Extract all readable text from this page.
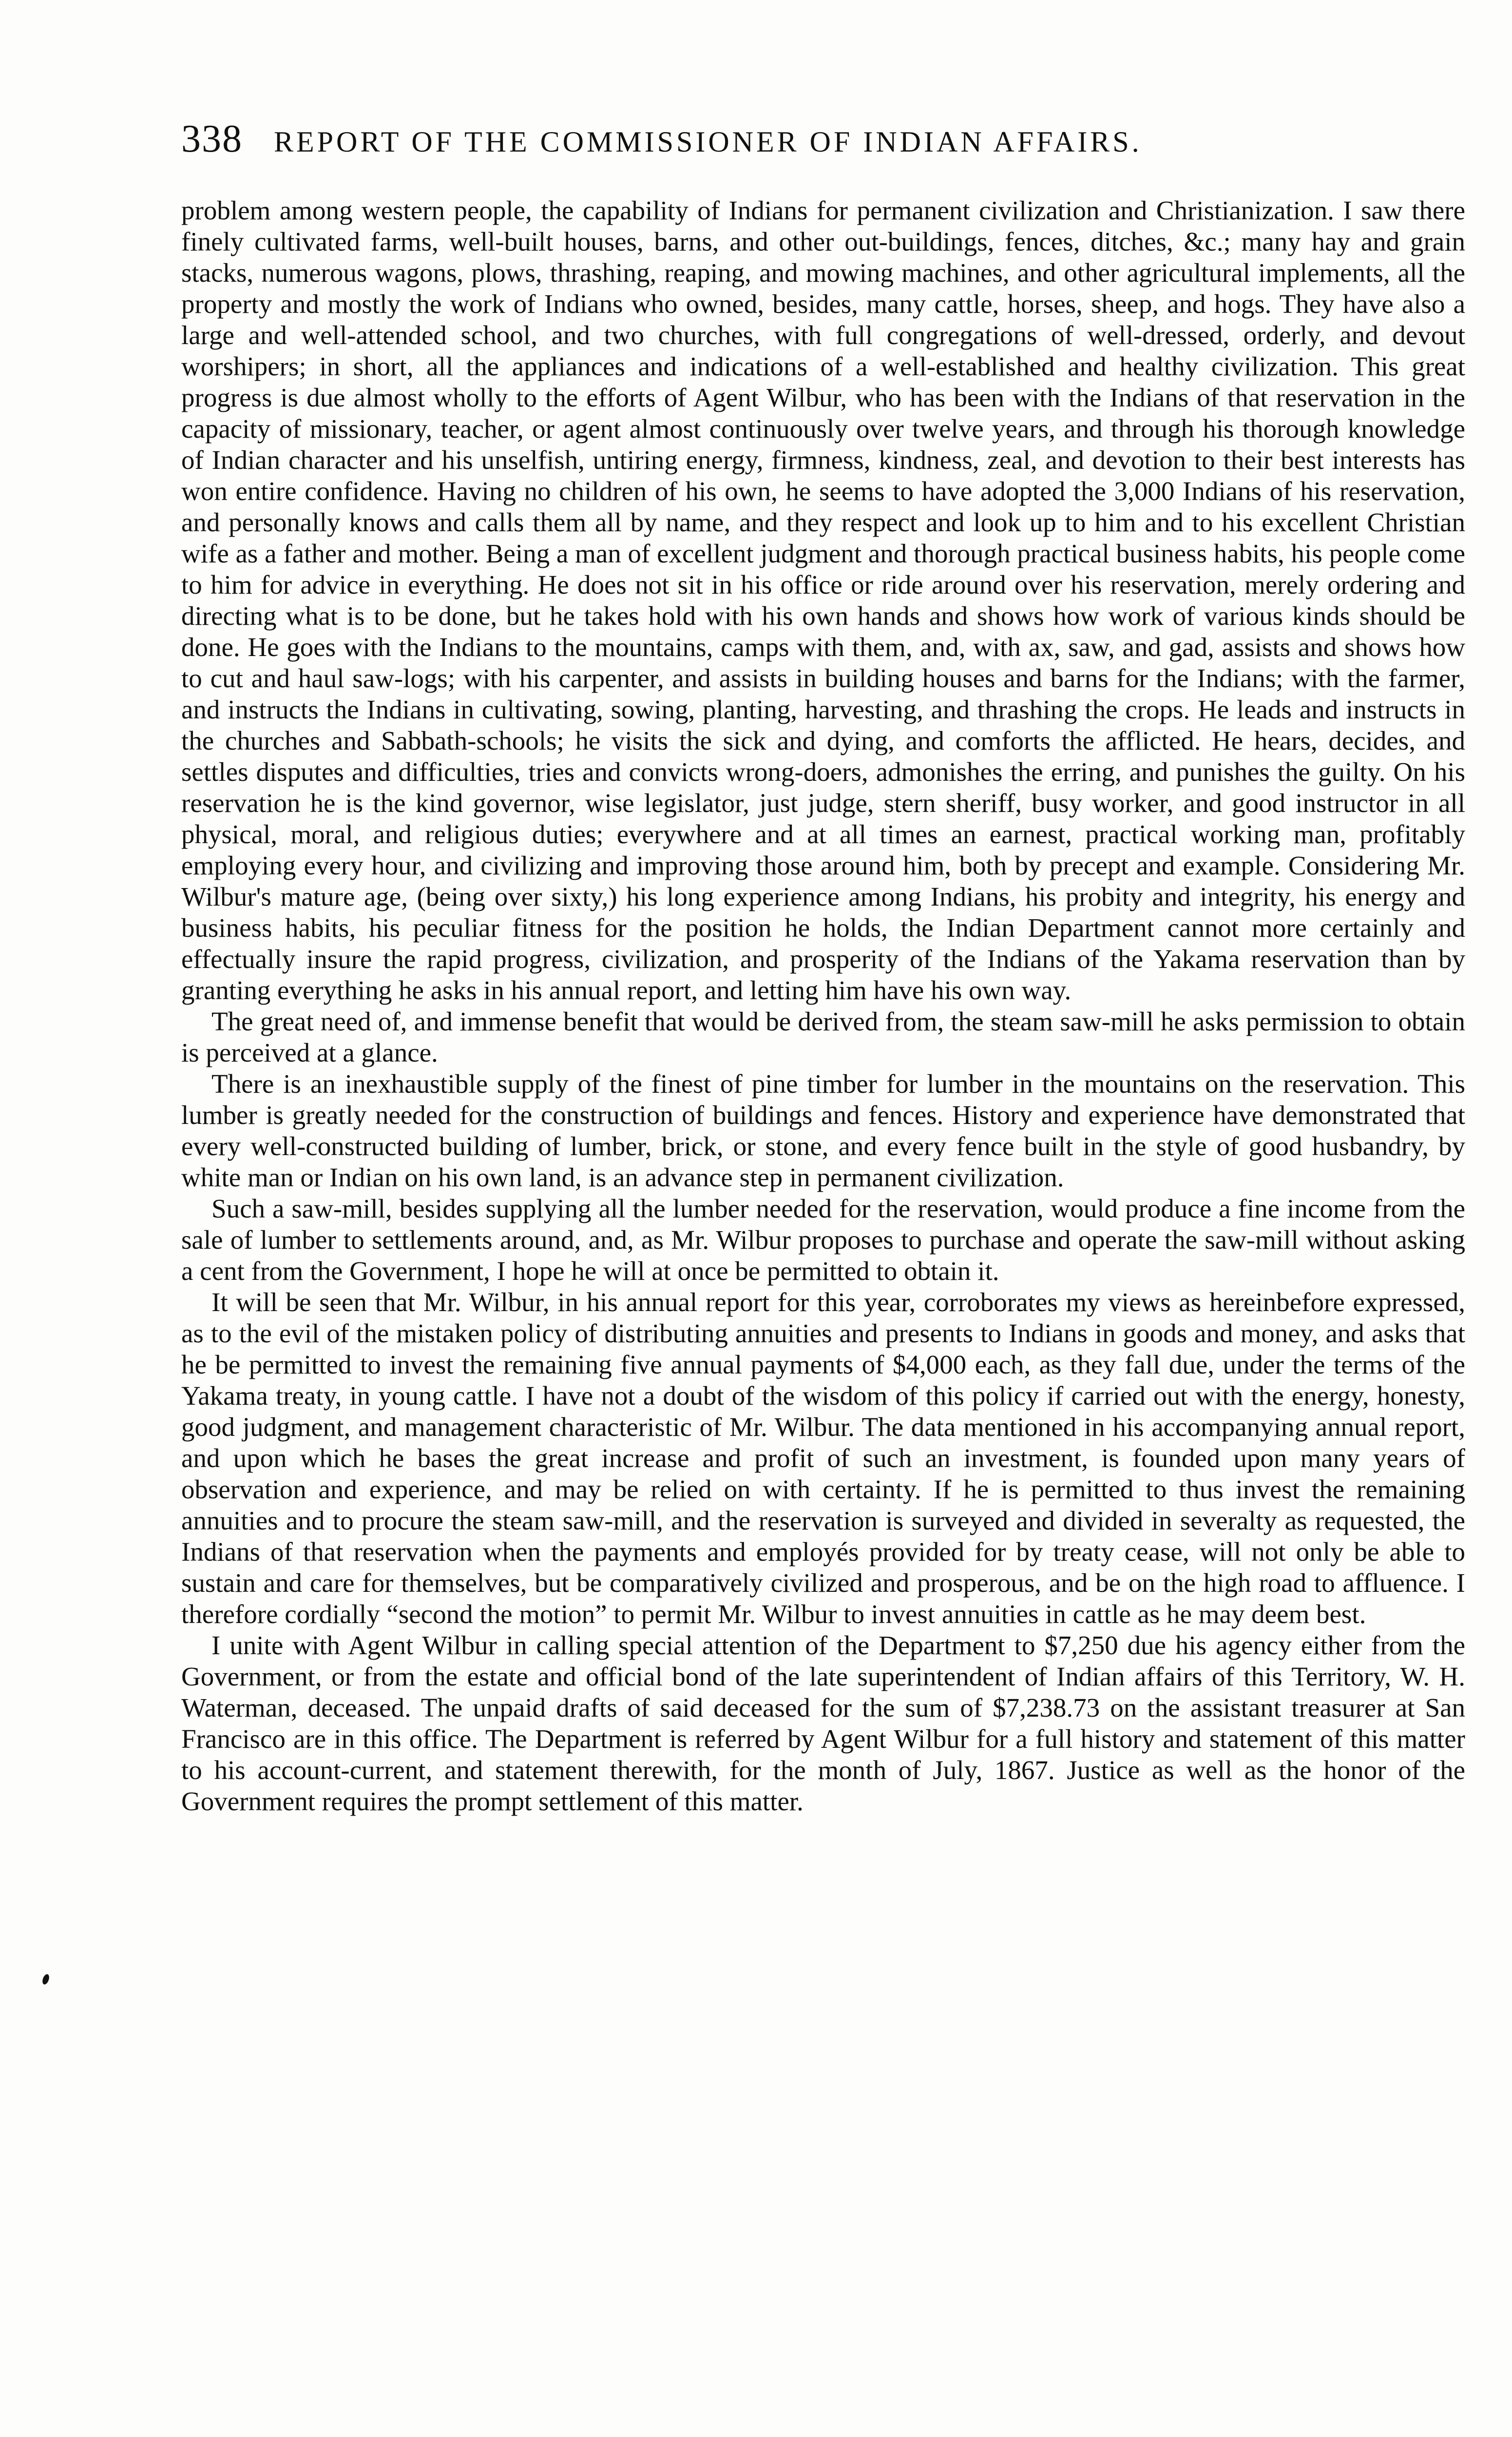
338 REPORT OF THE COMMISSIONER OF INDIAN AFFAIRS.

problem among western people, the capability of Indians for permanent civilization and Christianization. I saw there finely cultivated farms, well-built houses, barns, and other out-buildings, fences, ditches, &c.; many hay and grain stacks, numerous wagons, plows, thrashing, reaping, and mowing machines, and other agricultural implements, all the property and mostly the work of Indians who owned, besides, many cattle, horses, sheep, and hogs. They have also a large and well-attended school, and two churches, with full congregations of well-dressed, orderly, and devout worshipers; in short, all the appliances and indications of a well-established and healthy civilization. This great progress is due almost wholly to the efforts of Agent Wilbur, who has been with the Indians of that reservation in the capacity of missionary, teacher, or agent almost continuously over twelve years, and through his thorough knowledge of Indian character and his unselfish, untiring energy, firmness, kindness, zeal, and devotion to their best interests has won entire confidence. Having no children of his own, he seems to have adopted the 3,000 Indians of his reservation, and personally knows and calls them all by name, and they respect and look up to him and to his excellent Christian wife as a father and mother. Being a man of excellent judgment and thorough practical business habits, his people come to him for advice in everything. He does not sit in his office or ride around over his reservation, merely ordering and directing what is to be done, but he takes hold with his own hands and shows how work of various kinds should be done. He goes with the Indians to the mountains, camps with them, and, with ax, saw, and gad, assists and shows how to cut and haul saw-logs; with his carpenter, and assists in building houses and barns for the Indians; with the farmer, and instructs the Indians in cultivating, sowing, planting, harvesting, and thrashing the crops. He leads and instructs in the churches and Sabbath-schools; he visits the sick and dying, and comforts the afflicted. He hears, decides, and settles disputes and difficulties, tries and convicts wrong-doers, admonishes the erring, and punishes the guilty. On his reservation he is the kind governor, wise legislator, just judge, stern sheriff, busy worker, and good instructor in all physical, moral, and religious duties; everywhere and at all times an earnest, practical working man, profitably employing every hour, and civilizing and improving those around him, both by precept and example. Considering Mr. Wilbur's mature age, (being over sixty,) his long experience among Indians, his probity and integrity, his energy and business habits, his peculiar fitness for the position he holds, the Indian Department cannot more certainly and effectually insure the rapid progress, civilization, and prosperity of the Indians of the Yakama reservation than by granting everything he asks in his annual report, and letting him have his own way.

The great need of, and immense benefit that would be derived from, the steam saw-mill he asks permission to obtain is perceived at a glance.

There is an inexhaustible supply of the finest of pine timber for lumber in the mountains on the reservation. This lumber is greatly needed for the construction of buildings and fences. History and experience have demonstrated that every well-constructed building of lumber, brick, or stone, and every fence built in the style of good husbandry, by white man or Indian on his own land, is an advance step in permanent civilization.

Such a saw-mill, besides supplying all the lumber needed for the reservation, would produce a fine income from the sale of lumber to settlements around, and, as Mr. Wilbur proposes to purchase and operate the saw-mill without asking a cent from the Government, I hope he will at once be permitted to obtain it.

It will be seen that Mr. Wilbur, in his annual report for this year, corroborates my views as hereinbefore expressed, as to the evil of the mistaken policy of distributing annuities and presents to Indians in goods and money, and asks that he be permitted to invest the remaining five annual payments of $4,000 each, as they fall due, under the terms of the Yakama treaty, in young cattle. I have not a doubt of the wisdom of this policy if carried out with the energy, honesty, good judgment, and management characteristic of Mr. Wilbur. The data mentioned in his accompanying annual report, and upon which he bases the great increase and profit of such an investment, is founded upon many years of observation and experience, and may be relied on with certainty. If he is permitted to thus invest the remaining annuities and to procure the steam saw-mill, and the reservation is surveyed and divided in severalty as requested, the Indians of that reservation when the payments and employés provided for by treaty cease, will not only be able to sustain and care for themselves, but be comparatively civilized and prosperous, and be on the high road to affluence. I therefore cordially “second the motion” to permit Mr. Wilbur to invest annuities in cattle as he may deem best.

I unite with Agent Wilbur in calling special attention of the Department to $7,250 due his agency either from the Government, or from the estate and official bond of the late superintendent of Indian affairs of this Territory, W. H. Waterman, deceased. The unpaid drafts of said deceased for the sum of $7,238.73 on the assistant treasurer at San Francisco are in this office. The Department is referred by Agent Wilbur for a full history and statement of this matter to his account-current, and statement therewith, for the month of July, 1867. Justice as well as the honor of the Government requires the prompt settlement of this matter.
